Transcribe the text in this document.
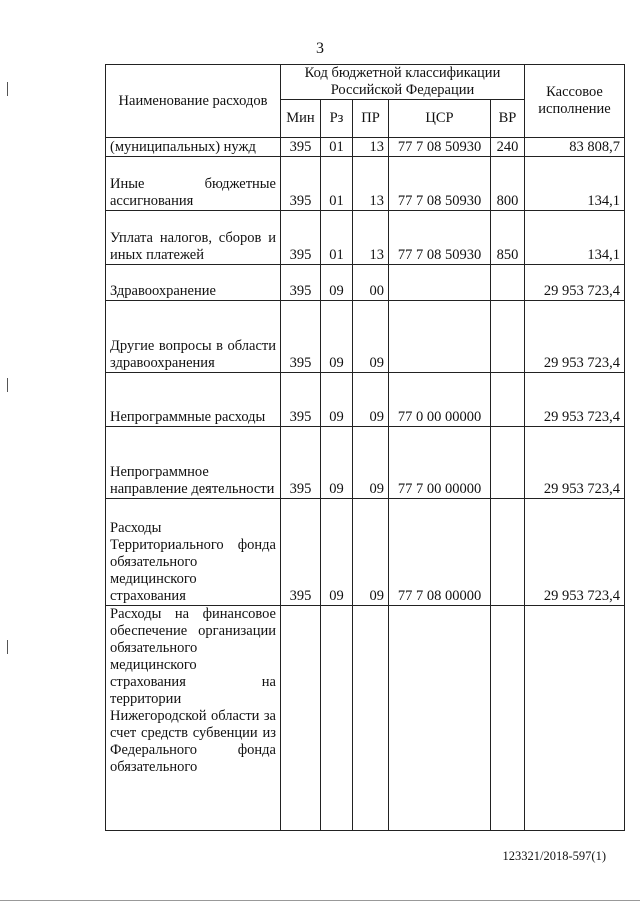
3
Наименование расходов	Код бюджетной классификации Российской Федерации					Кассовое исполнение
	Мин	Рз	ПР	ЦСР	ВР	
(муниципальных) нужд	395	01	13	77 7 08 50930	240	83 808,7
Иные бюджетные ассигнования	395	01	13	77 7 08 50930	800	134,1
Уплата налогов, сборов и иных платежей	395	01	13	77 7 08 50930	850	134,1
Здравоохранение	395	09	00			29 953 723,4
Другие вопросы в области здравоохранения	395	09	09			29 953 723,4
Непрограммные расходы	395	09	09	77 0 00 00000		29 953 723,4
Непрограммное направление деятельности	395	09	09	77 7 00 00000		29 953 723,4
Расходы Территориального фонда обязательного медицинского страхования	395	09	09	77 7 08 00000		29 953 723,4
Расходы на финансовое обеспечение организации обязательного медицинского страхования на территории Нижегородской области за счет средств субвенции из Федерального фонда обязательного						
123321/2018-597(1)
